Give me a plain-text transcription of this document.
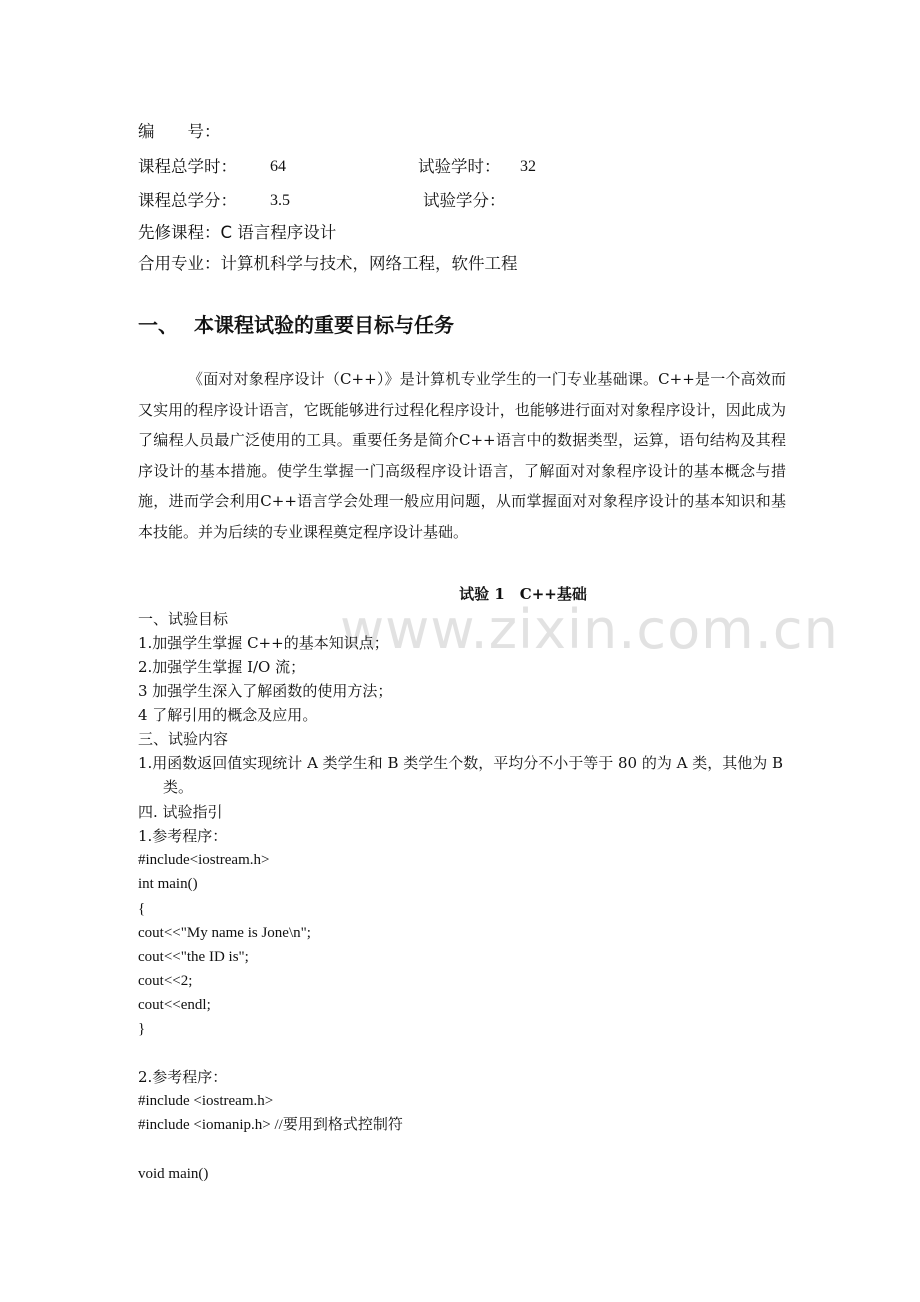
www.zixin.com.cn
编　　号：
课程总学时： 64	试验学时： 32
课程总学分： 3.5	试验学分：
先修课程：C 语言程序设计
合用专业：计算机科学与技术，网络工程，软件工程
一、 本课程试验的重要目标与任务
《面对对象程序设计（C++）》是计算机专业学生的一门专业基础课。C++是一个高效而又实用的程序设计语言，它既能够进行过程化程序设计，也能够进行面对对象程序设计，因此成为了编程人员最广泛使用的工具。重要任务是简介C++语言中的数据类型，运算，语句结构及其程序设计的基本措施。使学生掌握一门高级程序设计语言，了解面对对象程序设计的基本概念与措施，进而学会利用C++语言学会处理一般应用问题，从而掌握面对对象程序设计的基本知识和基本技能。并为后续的专业课程奠定程序设计基础。
试验 1　C++基础
一、试验目标
1.加强学生掌握 C++的基本知识点；
2.加强学生掌握 I/O 流；
3 加强学生深入了解函数的使用方法；
4 了解引用的概念及应用。
三、试验内容
1.用函数返回值实现统计 A 类学生和 B 类学生个数，平均分不小于等于 80 的为 A 类，其他为 B 类。
四. 试验指引
1.参考程序：
#include<iostream.h>
int main()
{
cout<<"My name is Jone\n";
cout<<"the ID is";
cout<<2;
cout<<endl;
}
2.参考程序：
#include <iostream.h>
#include <iomanip.h> //要用到格式控制符
void main()
